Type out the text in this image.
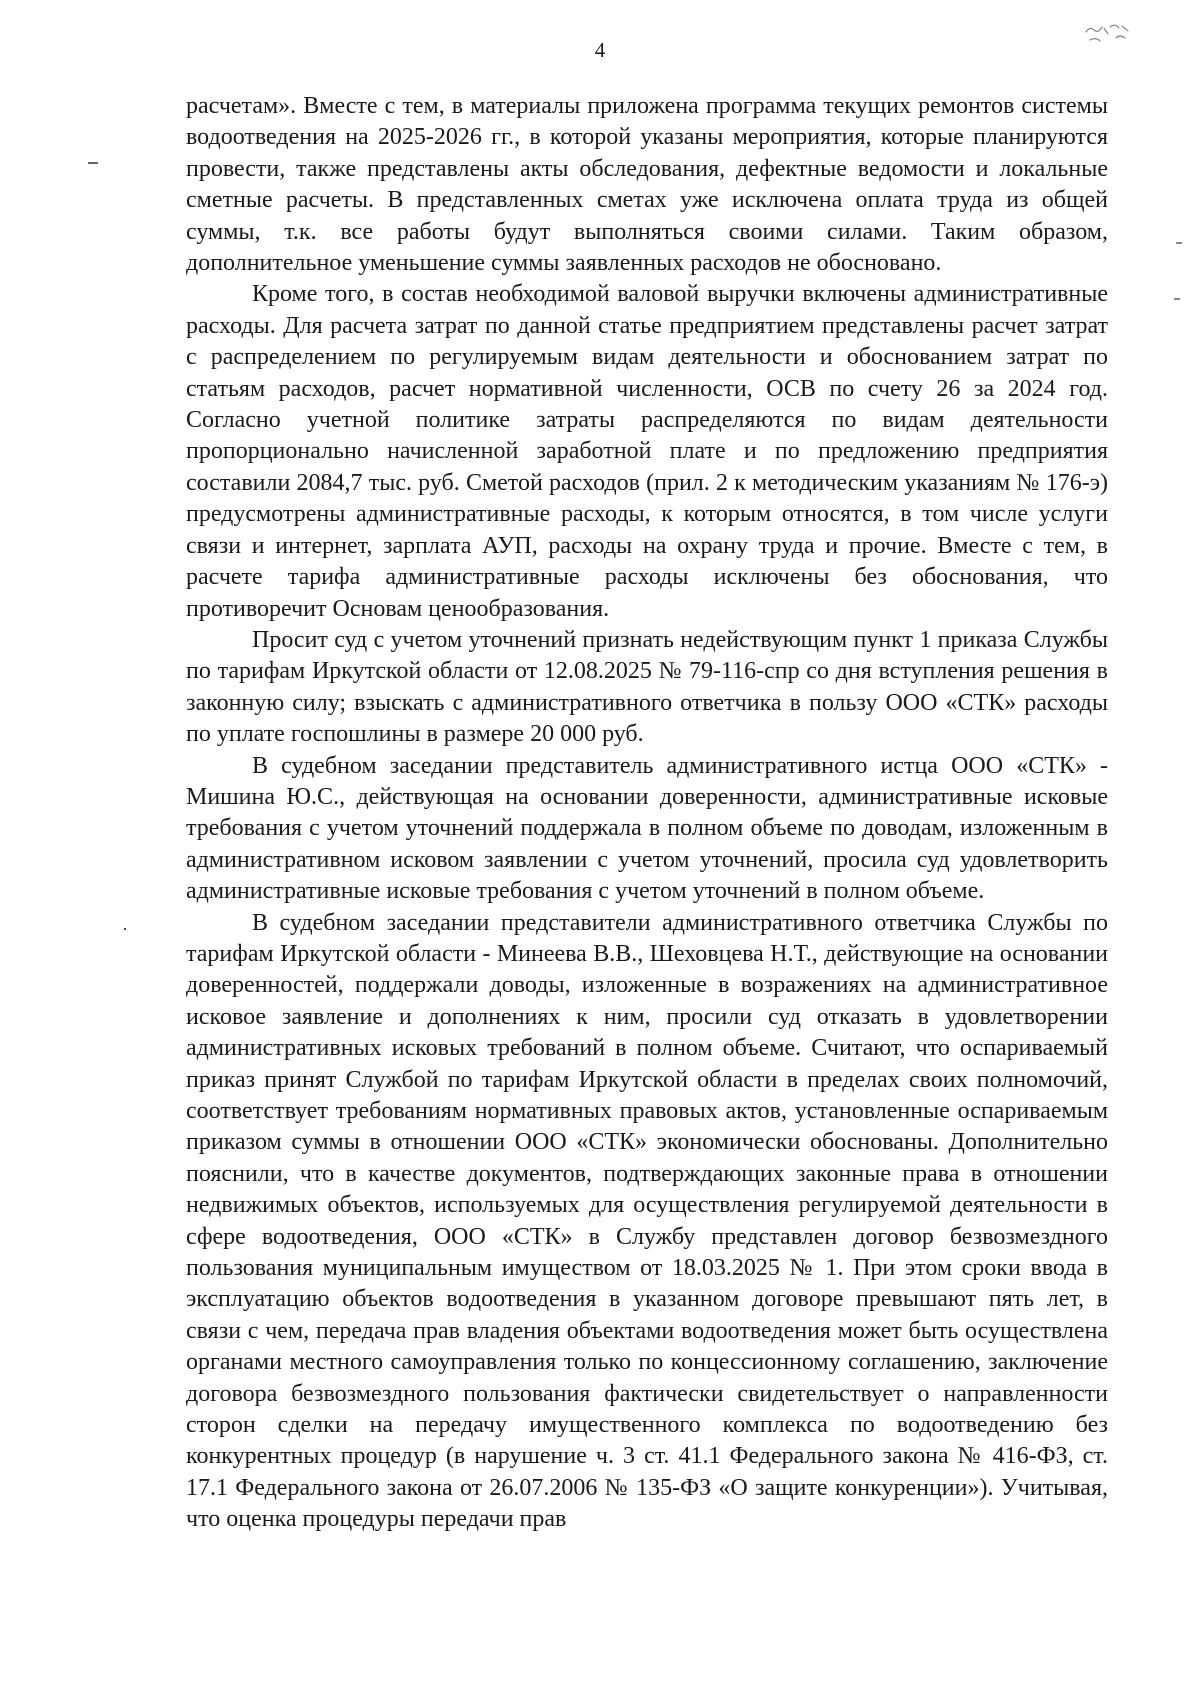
4

расчетам». Вместе с тем, в материалы приложена программа текущих ремонтов системы водоотведения на 2025-2026 гг., в которой указаны мероприятия, которые планируются провести, также представлены акты обследования, дефектные ведомости и локальные сметные расчеты. В представленных сметах уже исключена оплата труда из общей суммы, т.к. все работы будут выполняться своими силами. Таким образом, дополнительное уменьшение суммы заявленных расходов не обосновано.

Кроме того, в состав необходимой валовой выручки включены административные расходы. Для расчета затрат по данной статье предприятием представлены расчет затрат с распределением по регулируемым видам деятельности и обоснованием затрат по статьям расходов, расчет нормативной численности, ОСВ по счету 26 за 2024 год. Согласно учетной политике затраты распределяются по видам деятельности пропорционально начисленной заработной плате и по предложению предприятия составили 2084,7 тыс. руб. Сметой расходов (прил. 2 к методическим указаниям № 176-э) предусмотрены административные расходы, к которым относятся, в том числе услуги связи и интернет, зарплата АУП, расходы на охрану труда и прочие. Вместе с тем, в расчете тарифа административные расходы исключены без обоснования, что противоречит Основам ценообразования.

Просит суд с учетом уточнений признать недействующим пункт 1 приказа Службы по тарифам Иркутской области от 12.08.2025 № 79-116-спр со дня вступления решения в законную силу; взыскать с административного ответчика в пользу ООО «СТК» расходы по уплате госпошлины в размере 20 000 руб.

В судебном заседании представитель административного истца ООО «СТК» - Мишина Ю.С., действующая на основании доверенности, административные исковые требования с учетом уточнений поддержала в полном объеме по доводам, изложенным в административном исковом заявлении с учетом уточнений, просила суд удовлетворить административные исковые требования с учетом уточнений в полном объеме.

В судебном заседании представители административного ответчика Службы по тарифам Иркутской области - Минеева В.В., Шеховцева Н.Т., действующие на основании доверенностей, поддержали доводы, изложенные в возражениях на административное исковое заявление и дополнениях к ним, просили суд отказать в удовлетворении административных исковых требований в полном объеме. Считают, что оспариваемый приказ принят Службой по тарифам Иркутской области в пределах своих полномочий, соответствует требованиям нормативных правовых актов, установленные оспариваемым приказом суммы в отношении ООО «СТК» экономически обоснованы. Дополнительно пояснили, что в качестве документов, подтверждающих законные права в отношении недвижимых объектов, используемых для осуществления регулируемой деятельности в сфере водоотведения, ООО «СТК» в Службу представлен договор безвозмездного пользования муниципальным имуществом от 18.03.2025 № 1. При этом сроки ввода в эксплуатацию объектов водоотведения в указанном договоре превышают пять лет, в связи с чем, передача прав владения объектами водоотведения может быть осуществлена органами местного самоуправления только по концессионному соглашению, заключение договора безвозмездного пользования фактически свидетельствует о направленности сторон сделки на передачу имущественного комплекса по водоотведению без конкурентных процедур (в нарушение ч. 3 ст. 41.1 Федерального закона № 416-ФЗ, ст. 17.1 Федерального закона от 26.07.2006 № 135-ФЗ «О защите конкуренции»). Учитывая, что оценка процедуры передачи прав
